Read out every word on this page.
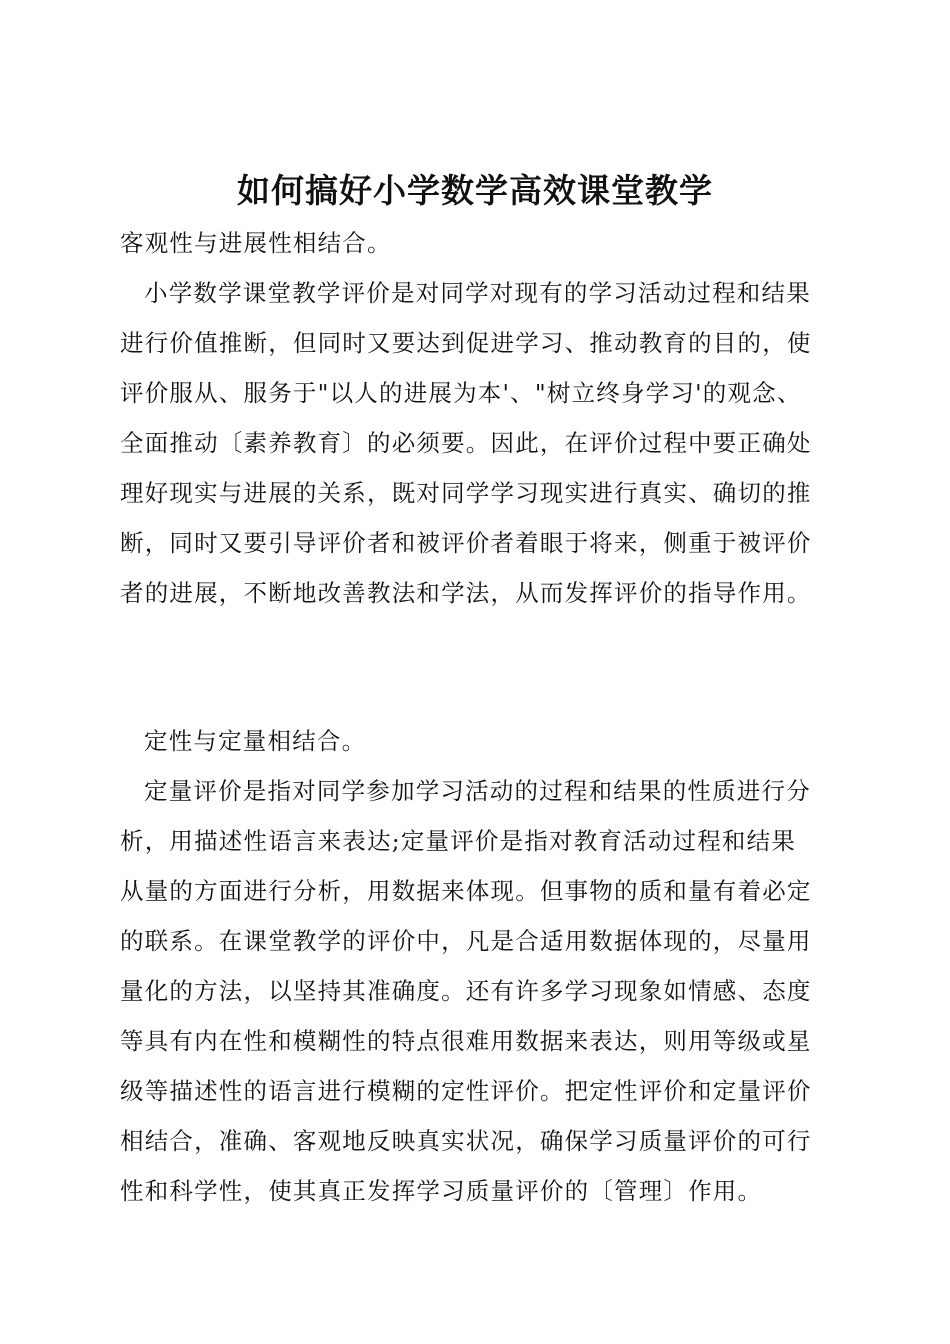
如何搞好小学数学高效课堂教学
客观性与进展性相结合。
小学数学课堂教学评价是对同学对现有的学习活动过程和结果
进行价值推断，但同时又要达到促进学习、推动教育的目的，使
评价服从、服务于"以人的进展为本'、"树立终身学习'的观念、
全面推动〔素养教育〕的必须要。因此，在评价过程中要正确处
理好现实与进展的关系，既对同学学习现实进行真实、确切的推
断，同时又要引导评价者和被评价者着眼于将来，侧重于被评价
者的进展，不断地改善教法和学法，从而发挥评价的指导作用。
定性与定量相结合。
定量评价是指对同学参加学习活动的过程和结果的性质进行分
析，用描述性语言来表达;定量评价是指对教育活动过程和结果
从量的方面进行分析，用数据来体现。但事物的质和量有着必定
的联系。在课堂教学的评价中，凡是合适用数据体现的，尽量用
量化的方法，以坚持其准确度。还有许多学习现象如情感、态度
等具有内在性和模糊性的特点很难用数据来表达，则用等级或星
级等描述性的语言进行模糊的定性评价。把定性评价和定量评价
相结合，准确、客观地反映真实状况，确保学习质量评价的可行
性和科学性，使其真正发挥学习质量评价的〔管理〕作用。
